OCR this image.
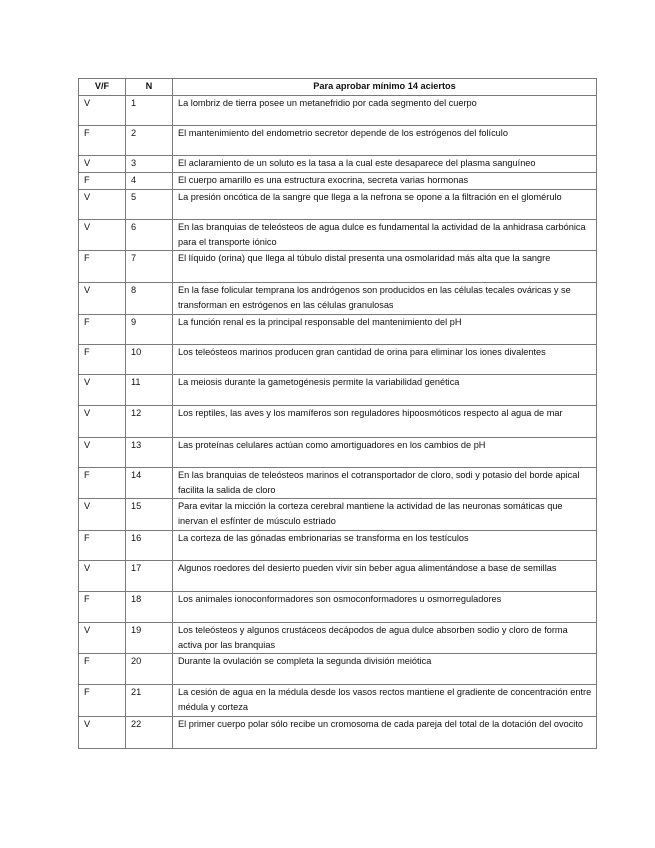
V/F	N	Para aprobar mínimo 14 aciertos
V	1	La lombriz de tierra posee un metanefridio por cada segmento del cuerpo
F	2	El mantenimiento del endometrio secretor depende de los estrógenos del folículo
V	3	El aclaramiento de un soluto es la tasa a la cual este desaparece del plasma sanguíneo
F	4	El cuerpo amarillo es una estructura exocrina, secreta varias hormonas
V	5	La presión oncótica de la sangre que llega a la nefrona se opone a la filtración en el glomérulo
V	6	En las branquias de teleósteos de agua dulce es fundamental la actividad de la anhidrasa carbónica para el transporte iónico
F	7	El líquido (orina) que llega al túbulo distal presenta una osmolaridad más alta que la sangre
V	8	En la fase folicular temprana los andrógenos son producidos en las células tecales ováricas y se transforman en estrógenos en las células granulosas
F	9	La función renal es la principal responsable del mantenimiento del pH
F	10	Los teleósteos marinos producen gran cantidad de orina para eliminar los iones divalentes
V	11	La meiosis durante la gametogénesis permite la variabilidad genética
V	12	Los reptiles, las aves y los mamíferos son reguladores hipoosmóticos respecto al agua de mar
V	13	Las proteínas celulares actúan como amortiguadores en los cambios de pH
F	14	En las branquias de teleósteos marinos el cotransportador de cloro, sodi y potasio del borde apical facilita la salida de cloro
V	15	Para evitar la micción la corteza cerebral mantiene la actividad de las neuronas somáticas que inervan el esfínter de músculo estriado
F	16	La corteza de las gónadas embrionarias se transforma en los testículos
V	17	Algunos roedores del desierto pueden vivir sin beber agua alimentándose a base de semillas
F	18	Los animales ionoconformadores son osmoconformadores u osmorreguladores
V	19	Los teleósteos y algunos crustáceos decápodos de agua dulce absorben sodio y cloro de forma activa por las branquias
F	20	Durante la ovulación se completa la segunda división meiótica
F	21	La cesión de agua en la médula desde los vasos rectos mantiene el gradiente de concentración entre médula y corteza
V	22	El primer cuerpo polar sólo recibe un cromosoma de cada pareja del total de la dotación del ovocito
